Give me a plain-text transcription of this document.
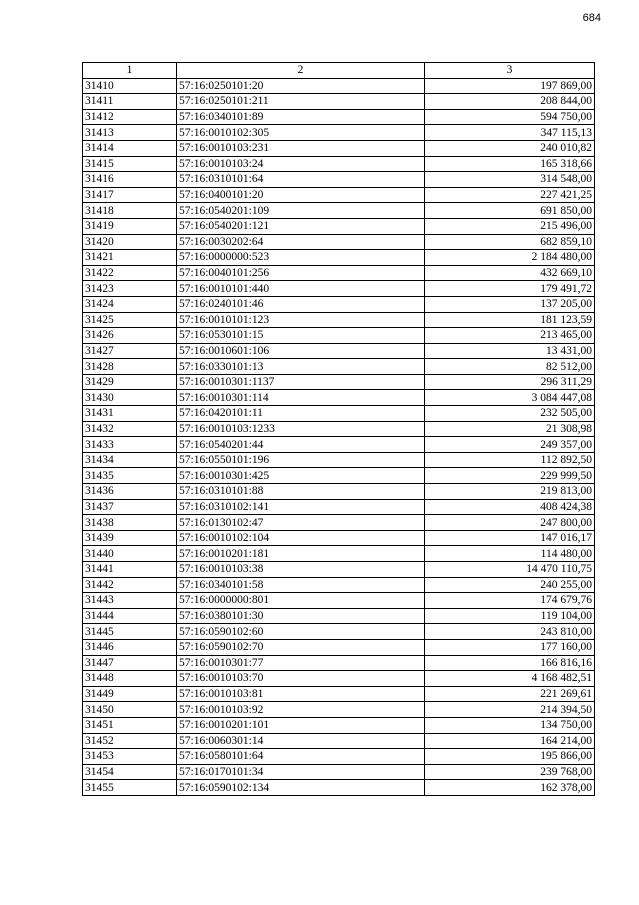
684
1	2	3
31410	57:16:0250101:20	197 869,00
31411	57:16:0250101:211	208 844,00
31412	57:16:0340101:89	594 750,00
31413	57:16:0010102:305	347 115,13
31414	57:16:0010103:231	240 010,82
31415	57:16:0010103:24	165 318,66
31416	57:16:0310101:64	314 548,00
31417	57:16:0400101:20	227 421,25
31418	57:16:0540201:109	691 850,00
31419	57:16:0540201:121	215 496,00
31420	57:16:0030202:64	682 859,10
31421	57:16:0000000:523	2 184 480,00
31422	57:16:0040101:256	432 669,10
31423	57:16:0010101:440	179 491,72
31424	57:16:0240101:46	137 205,00
31425	57:16:0010101:123	181 123,59
31426	57:16:0530101:15	213 465,00
31427	57:16:0010601:106	13 431,00
31428	57:16:0330101:13	82 512,00
31429	57:16:0010301:1137	296 311,29
31430	57:16:0010301:114	3 084 447,08
31431	57:16:0420101:11	232 505,00
31432	57:16:0010103:1233	21 308,98
31433	57:16:0540201:44	249 357,00
31434	57:16:0550101:196	112 892,50
31435	57:16:0010301:425	229 999,50
31436	57:16:0310101:88	219 813,00
31437	57:16:0310102:141	408 424,38
31438	57:16:0130102:47	247 800,00
31439	57:16:0010102:104	147 016,17
31440	57:16:0010201:181	114 480,00
31441	57:16:0010103:38	14 470 110,75
31442	57:16:0340101:58	240 255,00
31443	57:16:0000000:801	174 679,76
31444	57:16:0380101:30	119 104,00
31445	57:16:0590102:60	243 810,00
31446	57:16:0590102:70	177 160,00
31447	57:16:0010301:77	166 816,16
31448	57:16:0010103:70	4 168 482,51
31449	57:16:0010103:81	221 269,61
31450	57:16:0010103:92	214 394,50
31451	57:16:0010201:101	134 750,00
31452	57:16:0060301:14	164 214,00
31453	57:16:0580101:64	195 866,00
31454	57:16:0170101:34	239 768,00
31455	57:16:0590102:134	162 378,00
